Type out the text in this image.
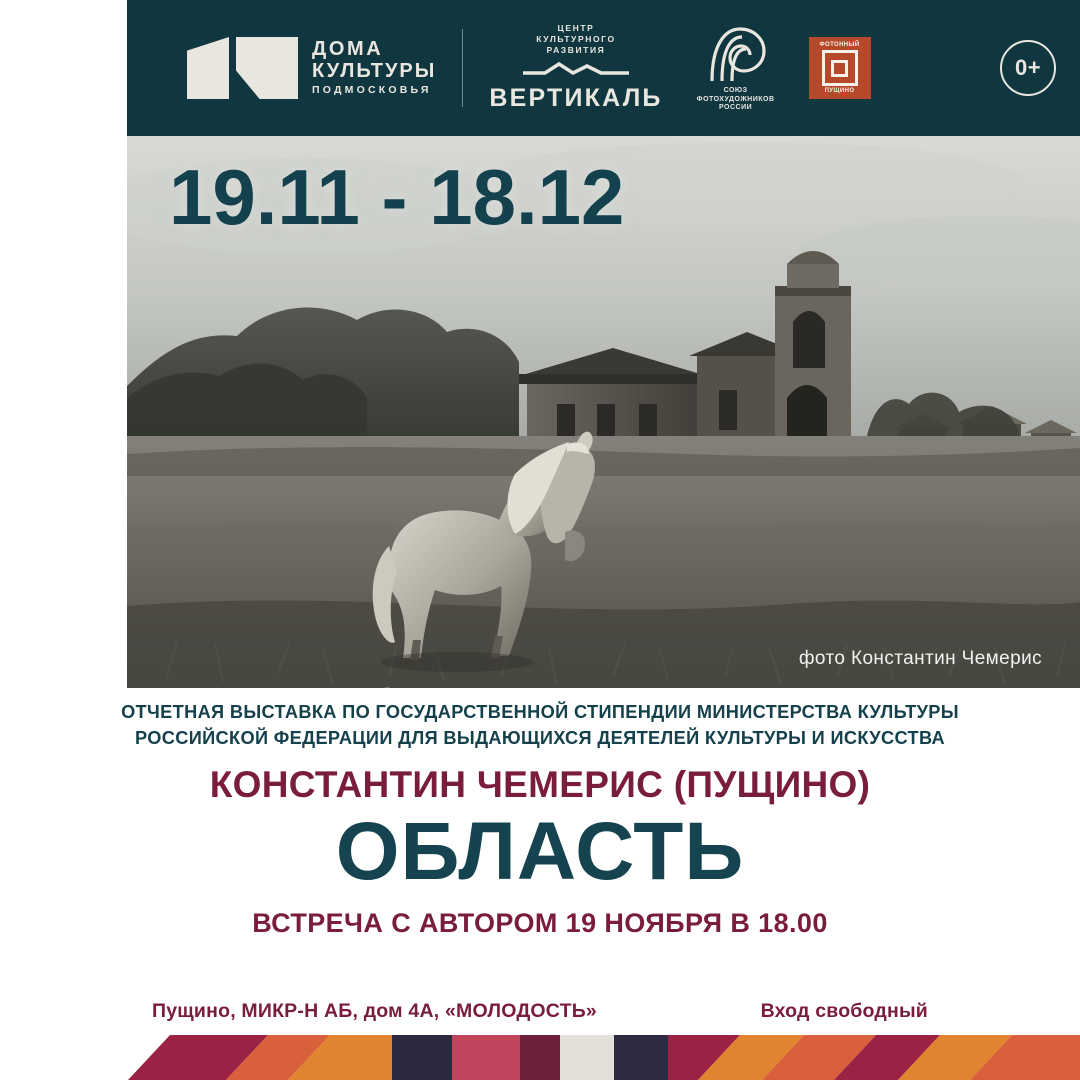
ДОМА
КУЛЬТУРЫ
ПОДМОСКОВЬЯ
ЦЕНТР
КУЛЬТУРНОГО
РАЗВИТИЯ
ВЕРТИКАЛЬ	СОЮЗ
ФОТОХУДОЖНИКОВ
РОССИИ
ФОТОННЫЙ
ПУЩИНО
0+
19.11 - 18.12
фото Константин Чемерис
ОТЧЕТНАЯ ВЫСТАВКА ПО ГОСУДАРСТВЕННОЙ СТИПЕНДИИ МИНИСТЕРСТВА КУЛЬТУРЫ
РОССИЙСКОЙ ФЕДЕРАЦИИ ДЛЯ ВЫДАЮЩИХСЯ ДЕЯТЕЛЕЙ КУЛЬТУРЫ И ИСКУССТВА
КОНСТАНТИН ЧЕМЕРИС (ПУЩИНО)
ОБЛАСТЬ
ВСТРЕЧА С АВТОРОМ 19 НОЯБРЯ В 18.00
Пущино, МИКР-Н АБ, дом 4А, «МОЛОДОСТЬ»	Вход свободный
